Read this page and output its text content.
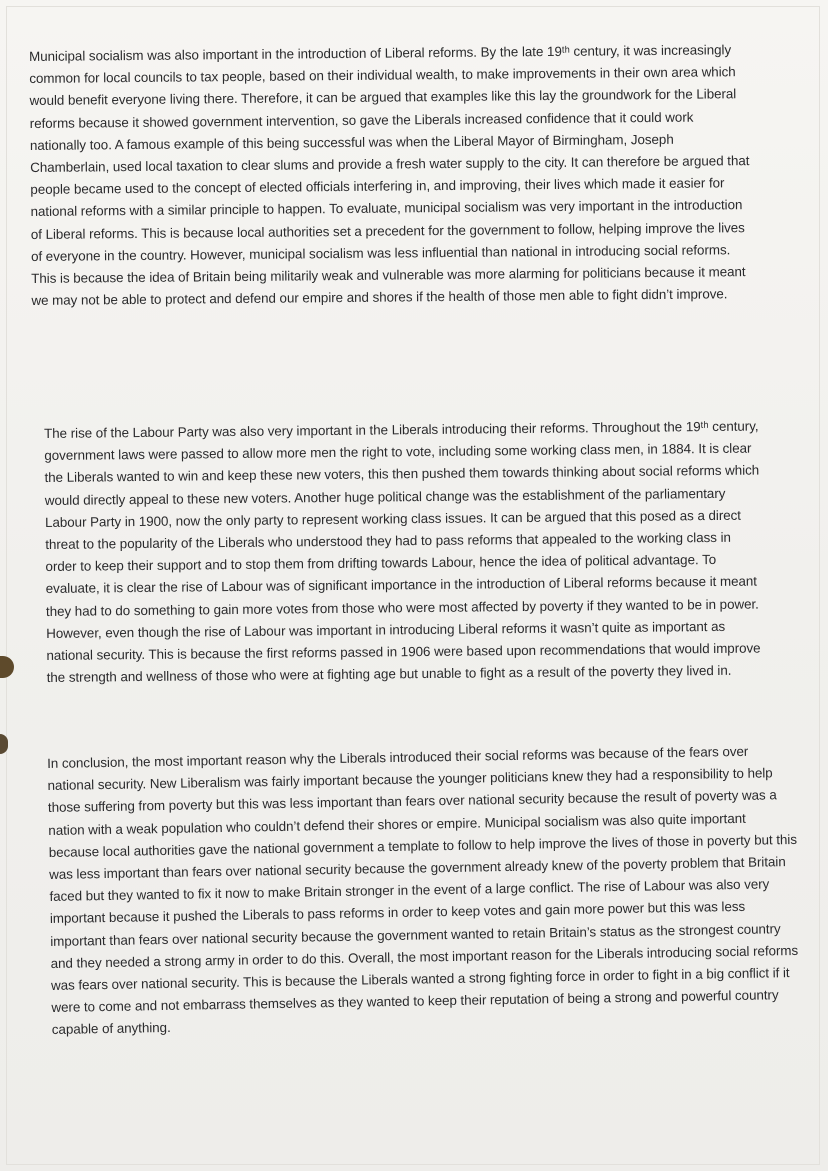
Municipal socialism was also important in the introduction of Liberal reforms. By the late 19ᵗʰ century, it was increasingly common for local councils to tax people, based on their individual wealth, to make improvements in their own area which would benefit everyone living there. Therefore, it can be argued that examples like this lay the groundwork for the Liberal reforms because it showed government intervention, so gave the Liberals increased confidence that it could work nationally too. A famous example of this being successful was when the Liberal Mayor of Birmingham, Joseph Chamberlain, used local taxation to clear slums and provide a fresh water supply to the city. It can therefore be argued that people became used to the concept of elected officials interfering in, and improving, their lives which made it easier for national reforms with a similar principle to happen. To evaluate, municipal socialism was very important in the introduction of Liberal reforms. This is because local authorities set a precedent for the government to follow, helping improve the lives of everyone in the country. However, municipal socialism was less influential than national in introducing social reforms. This is because the idea of Britain being militarily weak and vulnerable was more alarming for politicians because it meant we may not be able to protect and defend our empire and shores if the health of those men able to fight didn’t improve.

The rise of the Labour Party was also very important in the Liberals introducing their reforms. Throughout the 19ᵗʰ century, government laws were passed to allow more men the right to vote, including some working class men, in 1884. It is clear the Liberals wanted to win and keep these new voters, this then pushed them towards thinking about social reforms which would directly appeal to these new voters. Another huge political change was the establishment of the parliamentary Labour Party in 1900, now the only party to represent working class issues. It can be argued that this posed as a direct threat to the popularity of the Liberals who understood they had to pass reforms that appealed to the working class in order to keep their support and to stop them from drifting towards Labour, hence the idea of political advantage. To evaluate, it is clear the rise of Labour was of significant importance in the introduction of Liberal reforms because it meant they had to do something to gain more votes from those who were most affected by poverty if they wanted to be in power. However, even though the rise of Labour was important in introducing Liberal reforms it wasn’t quite as important as national security. This is because the first reforms passed in 1906 were based upon recommendations that would improve the strength and wellness of those who were at fighting age but unable to fight as a result of the poverty they lived in.

In conclusion, the most important reason why the Liberals introduced their social reforms was because of the fears over national security. New Liberalism was fairly important because the younger politicians knew they had a responsibility to help those suffering from poverty but this was less important than fears over national security because the result of poverty was a nation with a weak population who couldn’t defend their shores or empire. Municipal socialism was also quite important because local authorities gave the national government a template to follow to help improve the lives of those in poverty but this was less important than fears over national security because the government already knew of the poverty problem that Britain faced but they wanted to fix it now to make Britain stronger in the event of a large conflict. The rise of Labour was also very important because it pushed the Liberals to pass reforms in order to keep votes and gain more power but this was less important than fears over national security because the government wanted to retain Britain’s status as the strongest country and they needed a strong army in order to do this. Overall, the most important reason for the Liberals introducing social reforms was fears over national security. This is because the Liberals wanted a strong fighting force in order to fight in a big conflict if it were to come and not embarrass themselves as they wanted to keep their reputation of being a strong and powerful country capable of anything.
